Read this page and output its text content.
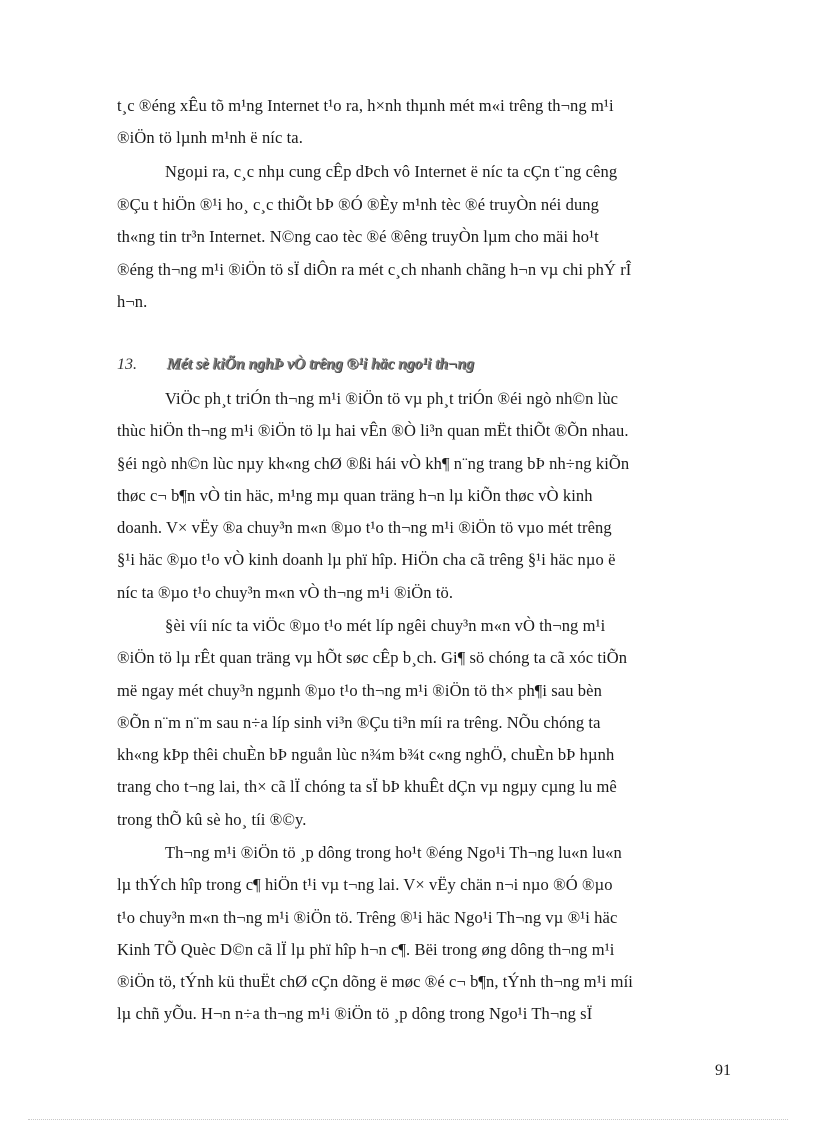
t¸c ®éng xÊu tõ m¹ng Internet t¹o ra, h×nh thµnh mét m«i trêng th¬ng m¹i
®iÖn tö lµnh m¹nh ë níc ta.
Ngoµi ra, c¸c nhµ cung cÊp dÞch vô Internet ë níc ta cÇn t¨ng cêng
®Çu t hiÖn ®¹i ho¸ c¸c thiÕt bÞ ®Ó ®Èy m¹nh tèc ®é truyÒn néi dung
th«ng tin tr³n Internet. N©ng cao tèc ®é ®êng truyÒn lµm cho mäi ho¹t
®éng th¬ng m¹i ®iÖn tö sÏ diÔn ra mét c¸ch nhanh chãng h¬n vµ chi phÝ rÎ
h¬n.
13. Mét sè kiÕn nghÞ vÒ trêng ®¹i häc ngo¹i th¬ng
ViÖc ph¸t triÓn th¬ng m¹i ®iÖn tö vµ ph¸t triÓn ®éi ngò nh©n lùc
thùc hiÖn th¬ng m¹i ®iÖn tö lµ hai vÊn ®Ò li³n quan mËt thiÕt ®Õn nhau.
§éi ngò nh©n lùc nµy kh«ng chØ ®ßi hái vÒ kh¶ n¨ng trang bÞ nh÷ng kiÕn
thøc c¬ b¶n vÒ tin häc, m¹ng mµ quan träng h¬n lµ kiÕn thøc vÒ kinh
doanh. V× vËy ®a chuy³n m«n ®µo t¹o th¬ng m¹i ®iÖn tö vµo mét trêng
§¹i häc ®µo t¹o vÒ kinh doanh lµ phï hîp. HiÖn cha cã trêng §¹i häc nµo ë
níc ta ®µo t¹o chuy³n m«n vÒ th¬ng m¹i ®iÖn tö.
§èi víi níc ta viÖc ®µo t¹o mét líp ngêi chuy³n m«n vÒ th¬ng m¹i
®iÖn tö lµ rÊt quan träng vµ hÕt søc cÊp b¸ch. Gi¶ sö chóng ta cã xóc tiÕn
më ngay mét chuy³n ngµnh ®µo t¹o th¬ng m¹i ®iÖn tö th× ph¶i sau bèn
®Õn n¨m n¨m sau n÷a líp sinh vi³n ®Çu ti³n míi ra trêng. NÕu chóng ta
kh«ng kÞp thêi chuÈn bÞ nguån lùc n¾m b¾t c«ng nghÖ, chuÈn bÞ hµnh
trang cho t¬ng lai, th× cã lÏ chóng ta sÏ bÞ khuÊt dÇn vµ ngµy cµng lu mê
trong thÕ kû sè ho¸ tíi ®©y.
Th¬ng m¹i ®iÖn tö ¸p dông trong ho¹t ®éng Ngo¹i Th¬ng lu«n lu«n
lµ thÝch hîp trong c¶ hiÖn t¹i vµ t¬ng lai. V× vËy chän n¬i nµo ®Ó ®µo
t¹o chuy³n m«n th¬ng m¹i ®iÖn tö. Trêng ®¹i häc Ngo¹i Th¬ng vµ ®¹i häc
Kinh TÕ Quèc D©n cã lÏ lµ phï hîp h¬n c¶. Bëi trong øng dông th¬ng m¹i
®iÖn tö, tÝnh kü thuËt chØ cÇn dõng ë møc ®é c¬ b¶n, tÝnh th¬ng m¹i míi
lµ chñ yÕu. H¬n n÷a th¬ng m¹i ®iÖn tö ¸p dông trong Ngo¹i Th¬ng sÏ
91
